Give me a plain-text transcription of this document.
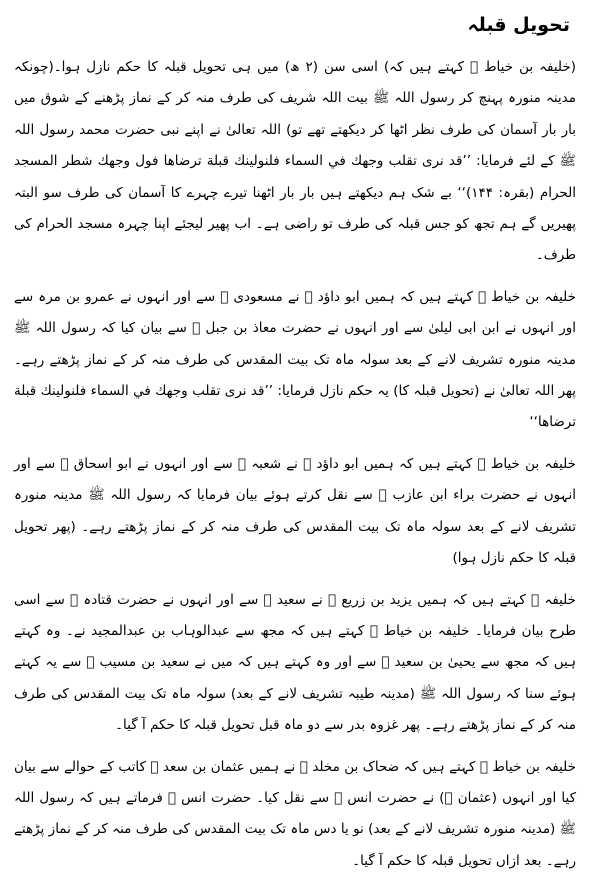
تحویل قبلہ

(خلیفہ بن خیاط ﷫ کہتے ہیں کہ) اسی سن (۲ ھ) میں ہی تحویل قبلہ کا حکم نازل ہوا۔(چونکہ مدینہ منورہ پہنچ کر رسول اللہ ﷺ بیت اللہ شریف کی طرف منہ کر کے نماز پڑھنے کے شوق میں بار بار آسمان کی طرف نظر اٹھا کر دیکھتے تھے تو) اللہ تعالیٰ نے اپنے نبی حضرت محمد رسول اللہ ﷺ کے لئے فرمایا: ’’قد نرى تقلب وجهك في السماء فلنولينك قبلة ترضاها فول وجهك شطر المسجد الحرام (بقرہ: ۱۴۴)‘‘ بے شک ہم دیکھتے ہیں بار بار اٹھنا تیرے چہرے کا آسمان کی طرف سو البتہ پھیریں گے ہم تجھ کو جس قبلہ کی طرف تو راضی ہے۔ اب پھیر لیجئے اپنا چہرہ مسجد الحرام کی طرف۔

خلیفہ بن خیاط ﷫ کہتے ہیں کہ ہمیں ابو داؤد ﷫ نے مسعودی ﷫ سے اور انہوں نے عمرو بن مرہ سے اور انہوں نے ابن ابی لیلیٰ سے اور انہوں نے حضرت معاذ بن جبل ﷜ سے بیان کیا کہ رسول اللہ ﷺ مدینہ منورہ تشریف لانے کے بعد سولہ ماہ تک بیت المقدس کی طرف منہ کر کے نماز پڑھتے رہے۔ پھر اللہ تعالیٰ نے (تحویل قبلہ کا) یہ حکم نازل فرمایا: ’’قد نرى تقلب وجهك في السماء فلنولينك قبلة ترضاها‘‘

خلیفہ بن خیاط ﷫ کہتے ہیں کہ ہمیں ابو داؤد ﷫ نے شعبہ ﷫ سے اور انہوں نے ابو اسحاق ﷫ سے اور انہوں نے حضرت براء ابن عازب ﷜ سے نقل کرتے ہوئے بیان فرمایا کہ رسول اللہ ﷺ مدینہ منورہ تشریف لانے کے بعد سولہ ماہ تک بیت المقدس کی طرف منہ کر کے نماز پڑھتے رہے۔ (پھر تحویل قبلہ کا حکم نازل ہوا)

خلیفہ ﷫ کہتے ہیں کہ ہمیں یزید بن زریع ﷫ نے سعید ﷫ سے اور انہوں نے حضرت قتادہ ﷫ سے اسی طرح بیان فرمایا۔ خلیفہ بن خیاط ﷫ کہتے ہیں کہ مجھ سے عبدالوہاب بن عبدالمجید نے۔ وہ کہتے ہیں کہ مجھ سے یحییٰ بن سعید ﷫ سے اور وہ کہتے ہیں کہ میں نے سعید بن مسیب ﷫ سے یہ کہتے ہوئے سنا کہ رسول اللہ ﷺ (مدینہ طیبہ تشریف لانے کے بعد) سولہ ماہ تک بیت المقدس کی طرف منہ کر کے نماز پڑھتے رہے۔ پھر غزوہ بدر سے دو ماہ قبل تحویل قبلہ کا حکم آ گیا۔

خلیفہ بن خیاط ﷫ کہتے ہیں کہ ضحاک بن مخلد ﷫ نے ہمیں عثمان بن سعد ﷫ کاتب کے حوالے سے بیان کیا اور انہوں (عثمان ﷫) نے حضرت انس ﷜ سے نقل کیا۔ حضرت انس ﷜ فرماتے ہیں کہ رسول اللہ ﷺ (مدینہ منورہ تشریف لانے کے بعد) نو یا دس ماہ تک بیت المقدس کی طرف منہ کر کے نماز پڑھتے رہے۔ بعد ازاں تحویل قبلہ کا حکم آ گیا۔
